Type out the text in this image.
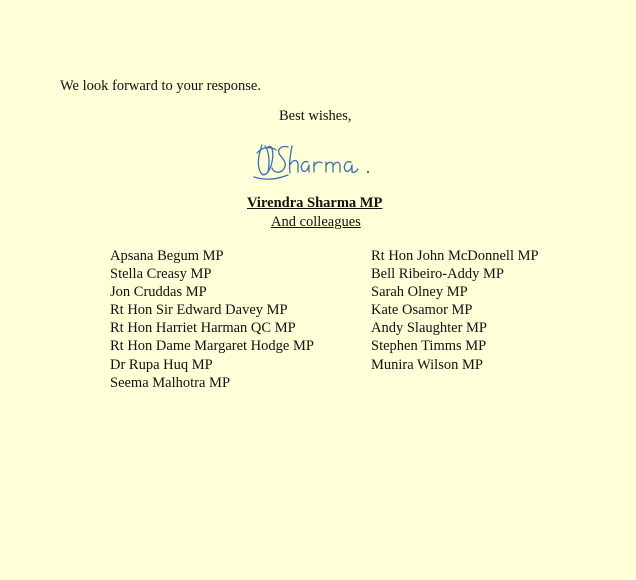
We look forward to your response.
Best wishes,
Virendra Sharma MP
And colleagues
Apsana Begum MP
Stella Creasy MP
Jon Cruddas MP
Rt Hon Sir Edward Davey MP
Rt Hon Harriet Harman QC MP
Rt Hon Dame Margaret Hodge MP
Dr Rupa Huq MP
Seema Malhotra MP
Rt Hon John McDonnell MP
Bell Ribeiro-Addy MP
Sarah Olney MP
Kate Osamor MP
Andy Slaughter MP
Stephen Timms MP
Munira Wilson MP
